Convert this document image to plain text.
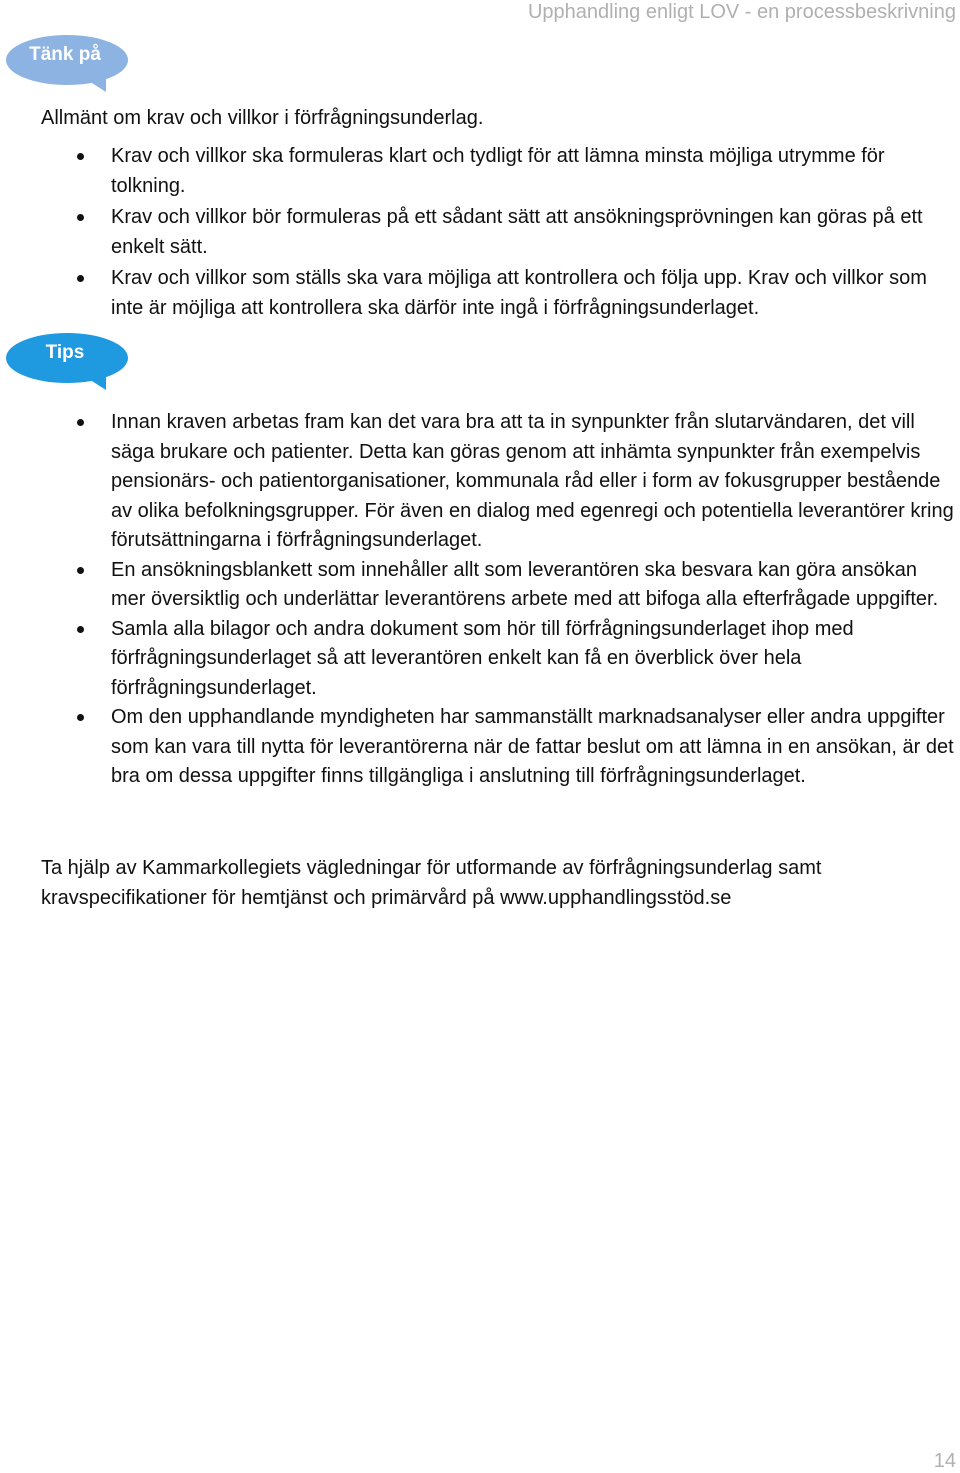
Upphandling enligt LOV - en processbeskrivning
Tänk på

Allmänt om krav och villkor i förfrågningsunderlag.

Krav och villkor ska formuleras klart och tydligt för att lämna minsta möjliga utrymme för tolkning.
Krav och villkor bör formuleras på ett sådant sätt att ansökningsprövningen kan göras på ett enkelt sätt.
Krav och villkor som ställs ska vara möjliga att kontrollera och följa upp. Krav och villkor som inte är möjliga att kontrollera ska därför inte ingå i förfrågningsunderlaget.
Tips
Innan kraven arbetas fram kan det vara bra att ta in synpunkter från slutarvändaren, det vill säga brukare och patienter. Detta kan göras genom att inhämta synpunkter från exempelvis pensionärs- och patientorganisationer, kommunala råd eller i form av fokusgrupper bestående av olika befolkningsgrupper. För även en dialog med egenregi och potentiella leverantörer kring förutsättningarna i förfrågningsunderlaget.
En ansökningsblankett som innehåller allt som leverantören ska besvara kan göra ansökan mer översiktlig och underlättar leverantörens arbete med att bifoga alla efterfrågade uppgifter.
Samla alla bilagor och andra dokument som hör till förfrågningsunderlaget ihop med förfrågningsunderlaget så att leverantören enkelt kan få en överblick över hela förfrågningsunderlaget.
Om den upphandlande myndigheten har sammanställt marknadsanalyser eller andra uppgifter som kan vara till nytta för leverantörerna när de fattar beslut om att lämna in en ansökan, är det bra om dessa uppgifter finns tillgängliga i anslutning till förfrågningsunderlaget.

Ta hjälp av Kammarkollegiets vägledningar för utformande av förfrågningsunderlag samt kravspecifikationer för hemtjänst och primärvård på www.upphandlingsstöd.se

14
